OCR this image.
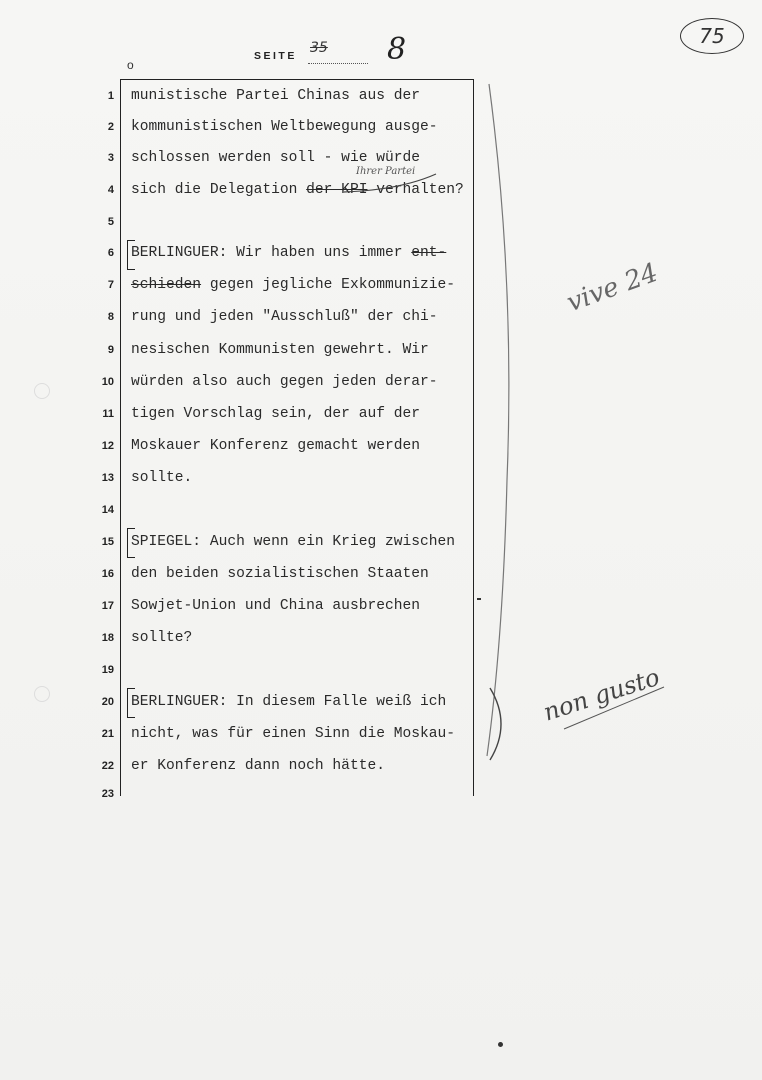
75
SEITE 35 8
o
1
2
3
4
5
6
7
8
9
10
11
12
13
14
15
16
17
18
19
20
21
22
23
munistische Partei Chinas aus der
kommunistischen Weltbewegung ausge-
schlossen werden soll - wie würde
sich die Delegation der KPI verhalten?
BERLINGUER: Wir haben uns immer ent-
schieden gegen jegliche Exkommunizie-
rung und jeden "Ausschluß" der chi-
nesischen Kommunisten gewehrt. Wir
würden also auch gegen jeden derar-
tigen Vorschlag sein, der auf der
Moskauer Konferenz gemacht werden
sollte.
SPIEGEL: Auch wenn ein Krieg zwischen
den beiden sozialistischen Staaten
Sowjet-Union und China ausbrechen
sollte?
BERLINGUER: In diesem Falle weiß ich
nicht, was für einen Sinn die Moskau-
er Konferenz dann noch hätte.
Ihrer Partei
vive 24
non gusto
